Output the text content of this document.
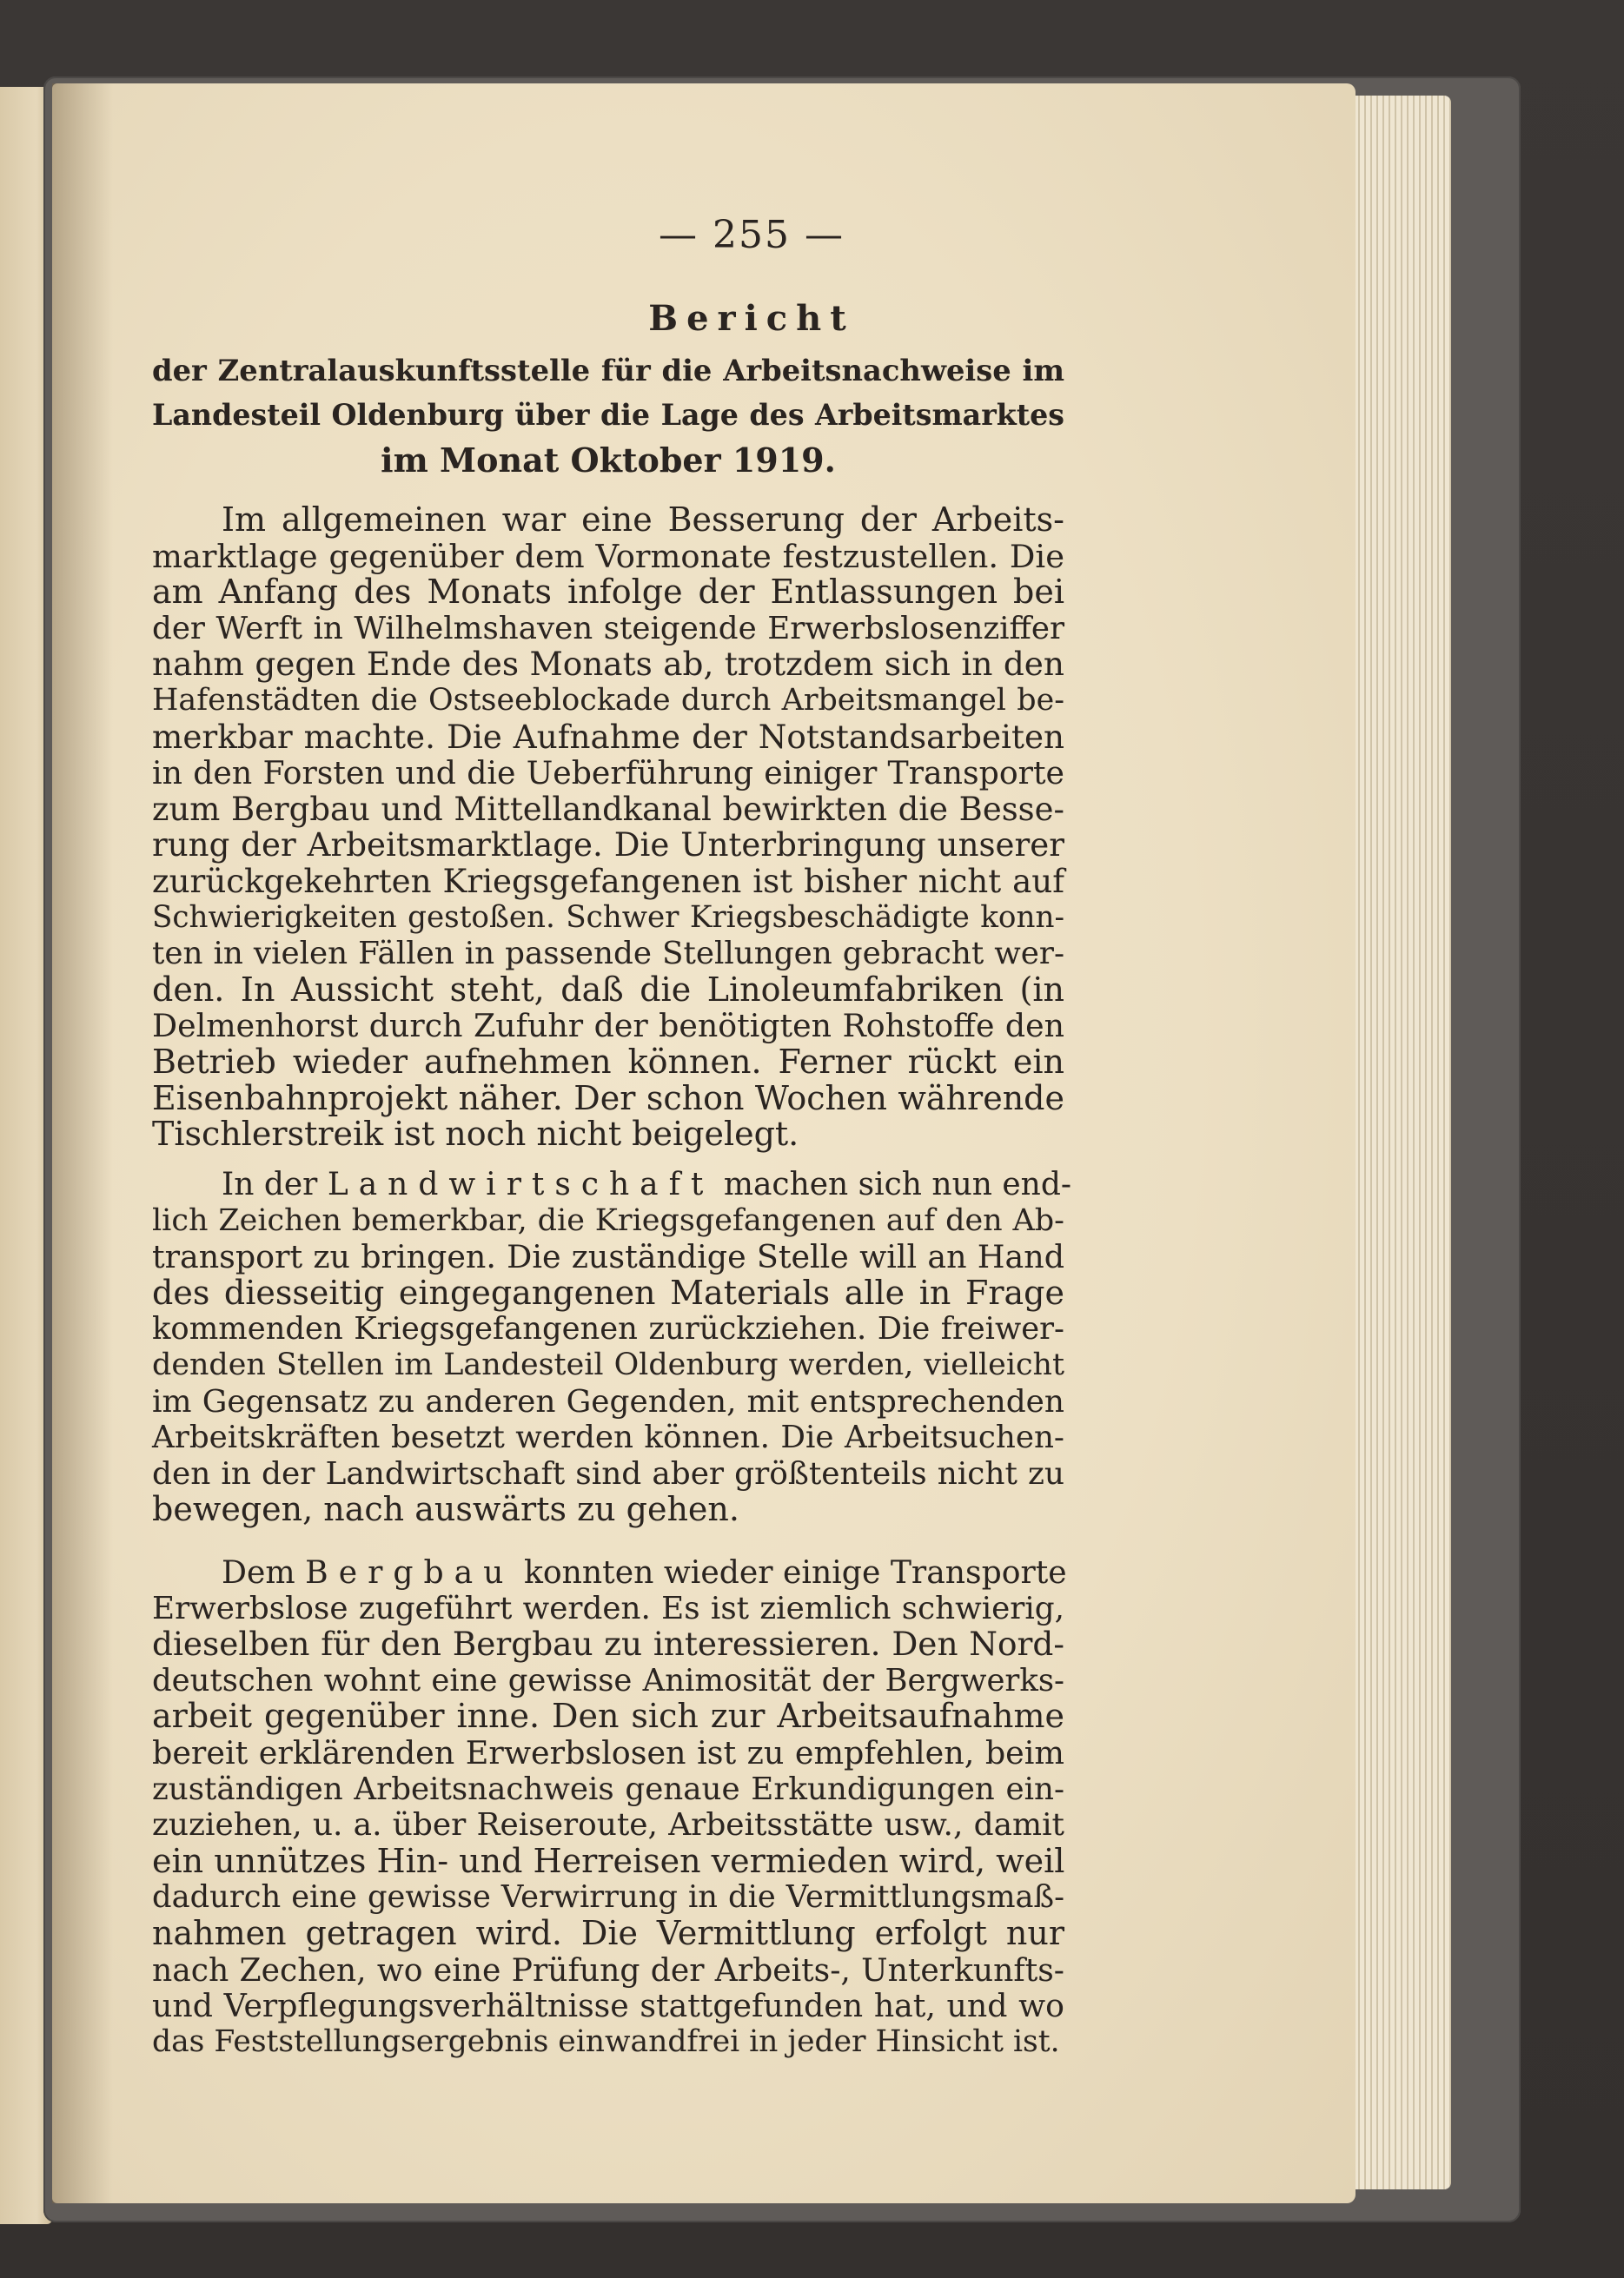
— 255 —
Bericht
der Zentralauskunftsstelle für die Arbeitsnachweise im
Landesteil Oldenburg über die Lage des Arbeitsmarktes
im Monat Oktober 1919.
Im allgemeinen war eine Besserung der Arbeits-
marktlage gegenüber dem Vormonate festzustellen. Die
am Anfang des Monats infolge der Entlassungen bei
der Werft in Wilhelmshaven steigende Erwerbslosenziffer
nahm gegen Ende des Monats ab, trotzdem sich in den
Hafenstädten die Ostseeblockade durch Arbeitsmangel be-
merkbar machte. Die Aufnahme der Notstandsarbeiten
in den Forsten und die Ueberführung einiger Transporte
zum Bergbau und Mittellandkanal bewirkten die Besse-
rung der Arbeitsmarktlage. Die Unterbringung unserer
zurückgekehrten Kriegsgefangenen ist bisher nicht auf
Schwierigkeiten gestoßen. Schwer Kriegsbeschädigte konn-
ten in vielen Fällen in passende Stellungen gebracht wer-
den. In Aussicht steht, daß die Linoleumfabriken (in
Delmenhorst durch Zufuhr der benötigten Rohstoffe den
Betrieb wieder aufnehmen können. Ferner rückt ein
Eisenbahnprojekt näher. Der schon Wochen währende
Tischlerstreik ist noch nicht beigelegt.
In der Landwirtschaft machen sich nun end-
lich Zeichen bemerkbar, die Kriegsgefangenen auf den Ab-
transport zu bringen. Die zuständige Stelle will an Hand
des diesseitig eingegangenen Materials alle in Frage
kommenden Kriegsgefangenen zurückziehen. Die freiwer-
denden Stellen im Landesteil Oldenburg werden, vielleicht
im Gegensatz zu anderen Gegenden, mit entsprechenden
Arbeitskräften besetzt werden können. Die Arbeitsuchen-
den in der Landwirtschaft sind aber größtenteils nicht zu
bewegen, nach auswärts zu gehen.
Dem Bergbau konnten wieder einige Transporte
Erwerbslose zugeführt werden. Es ist ziemlich schwierig,
dieselben für den Bergbau zu interessieren. Den Nord-
deutschen wohnt eine gewisse Animosität der Bergwerks-
arbeit gegenüber inne. Den sich zur Arbeitsaufnahme
bereit erklärenden Erwerbslosen ist zu empfehlen, beim
zuständigen Arbeitsnachweis genaue Erkundigungen ein-
zuziehen, u. a. über Reiseroute, Arbeitsstätte usw., damit
ein unnützes Hin- und Herreisen vermieden wird, weil
dadurch eine gewisse Verwirrung in die Vermittlungsmaß-
nahmen getragen wird. Die Vermittlung erfolgt nur
nach Zechen, wo eine Prüfung der Arbeits-, Unterkunfts-
und Verpflegungsverhältnisse stattgefunden hat, und wo
das Feststellungsergebnis einwandfrei in jeder Hinsicht ist.
